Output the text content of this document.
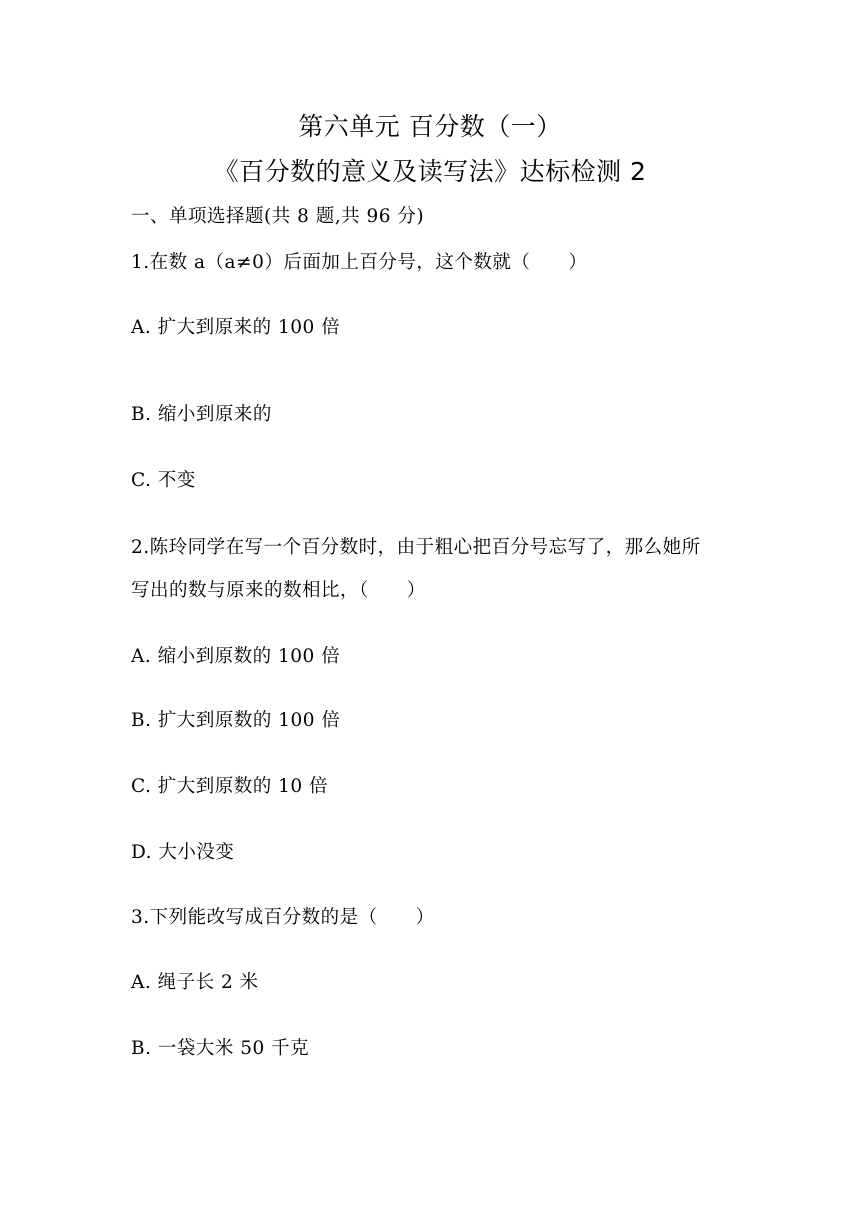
第六单元 百分数（一）
《百分数的意义及读写法》达标检测 2
一、单项选择题(共 8 题,共 96 分)
1.在数 a（a≠0）后面加上百分号，这个数就（　　）
A. 扩大到原来的 100 倍
B. 缩小到原来的
C. 不变
2.陈玲同学在写一个百分数时，由于粗心把百分号忘写了，那么她所
写出的数与原来的数相比，（　　）
A. 缩小到原数的 100 倍
B. 扩大到原数的 100 倍
C. 扩大到原数的 10 倍
D. 大小没变
3.下列能改写成百分数的是（　　）
A. 绳子长 2 米
B. 一袋大米 50 千克
